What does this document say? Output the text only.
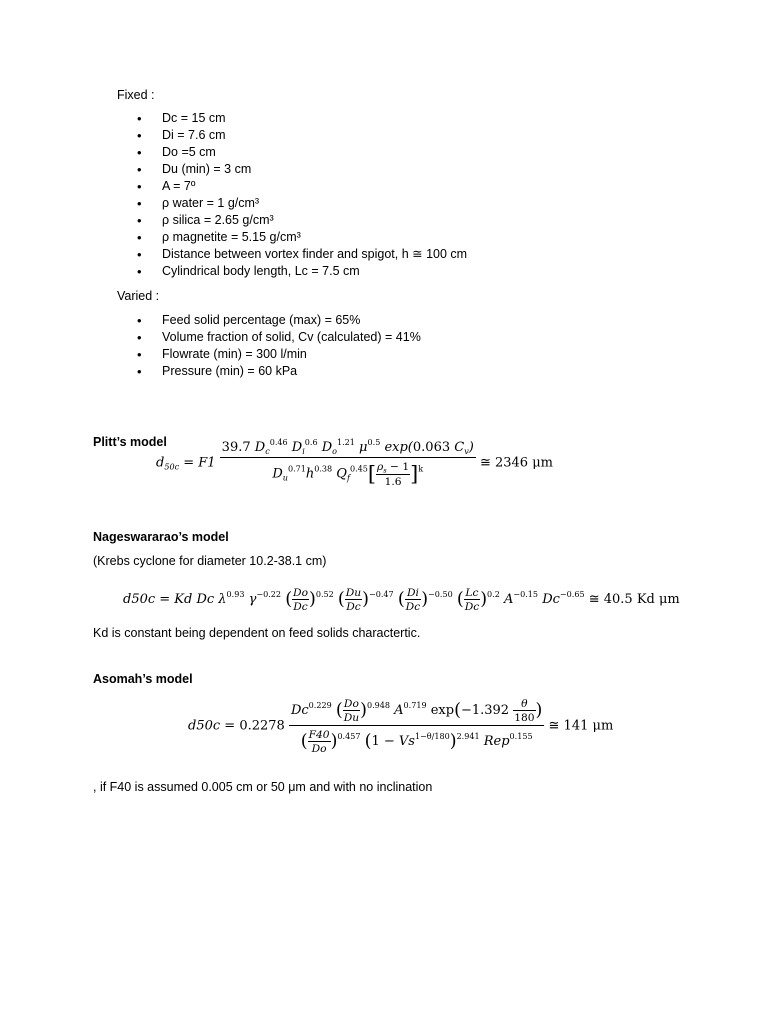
Fixed :
• Dc = 15 cm
• Di = 7.6 cm
• Do =5 cm
• Du (min) = 3 cm
• A = 7º
• ρ water = 1 g/cm³
• ρ silica = 2.65 g/cm³
• ρ magnetite = 5.15 g/cm³
• Distance between vortex finder and spigot, h ≅ 100 cm
• Cylindrical body length, Lc = 7.5 cm
Varied :
• Feed solid percentage (max) = 65%
• Volume fraction of solid, Cv (calculated) = 41%
• Flowrate (min) = 300 l/min
• Pressure (min) = 60 kPa
Plitt’s model
$d_{50c} = F1 \frac{39.7 D_c^{0.46} D_i^{0.6} D_o^{1.21} \mu^{0.5} \exp(0.063 C_v)}{D_u^{0.71}h^{0.38} Q_f^{0.45}[ \frac{\rho_s - 1}{1.6} ]^k}$ ≅ 2346 μm
Nageswararao’s model
(Krebs cyclone for diameter 10.2-38.1 cm)
d50c = Kd Dc $\lambda^{0.93}$ $\gamma^{-0.22}$ ( $\frac{Do}{Dc} )^{0.52}$ ( $\frac{Du}{Dc} )^{-0.47}$ ( $\frac{Di}{Dc} )^{-0.50}$ ( $\frac{Lc}{Dc} )^{0.2}$ $A^{-0.15}$ $Dc^{-0.65}$ ≅ 40.5 Kd μm
Kd is constant being dependent on feed solids charactertic.
Asomah’s model
$d50c = 0.2278 \frac{Dc^{0.229} ( \frac{Do}{Du} )^{0.948} A^{0.719} \exp(-1.392 \frac{\theta}{180} )}{( \frac{F40}{Do} )^{0.457} (1 - Vs^{1-\theta/180})^{2.941} Rep^{0.155}}$ ≅ 141 μm
, if F40 is assumed 0.005 cm or 50 μm and with no inclination
